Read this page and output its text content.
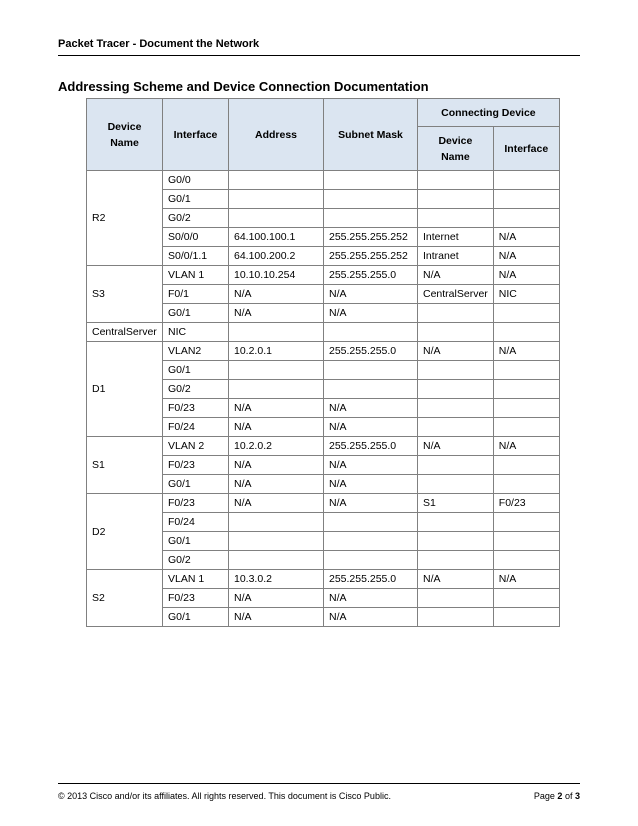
Packet Tracer - Document the Network
Addressing Scheme and Device Connection Documentation
Device Name	Interface	Address	Subnet Mask	Connecting Device	
				Device Name	Interface
R2	G0/0				
	G0/1				
	G0/2				
	S0/0/0	64.100.100.1	255.255.255.252	Internet	N/A
	S0/0/1.1	64.100.200.2	255.255.255.252	Intranet	N/A
S3	VLAN 1	10.10.10.254	255.255.255.0	N/A	N/A
	F0/1	N/A	N/A	CentralServer	NIC
	G0/1	N/A	N/A		
CentralServer	NIC				
D1	VLAN2	10.2.0.1	255.255.255.0	N/A	N/A
	G0/1				
	G0/2				
	F0/23	N/A	N/A		
	F0/24	N/A	N/A		
S1	VLAN 2	10.2.0.2	255.255.255.0	N/A	N/A
	F0/23	N/A	N/A		
	G0/1	N/A	N/A		
D2	F0/23	N/A	N/A	S1	F0/23
	F0/24				
	G0/1				
	G0/2				
S2	VLAN 1	10.3.0.2	255.255.255.0	N/A	N/A
	F0/23	N/A	N/A		
	G0/1	N/A	N/A		
© 2013 Cisco and/or its affiliates. All rights reserved. This document is Cisco Public.	Page 2 of 3
